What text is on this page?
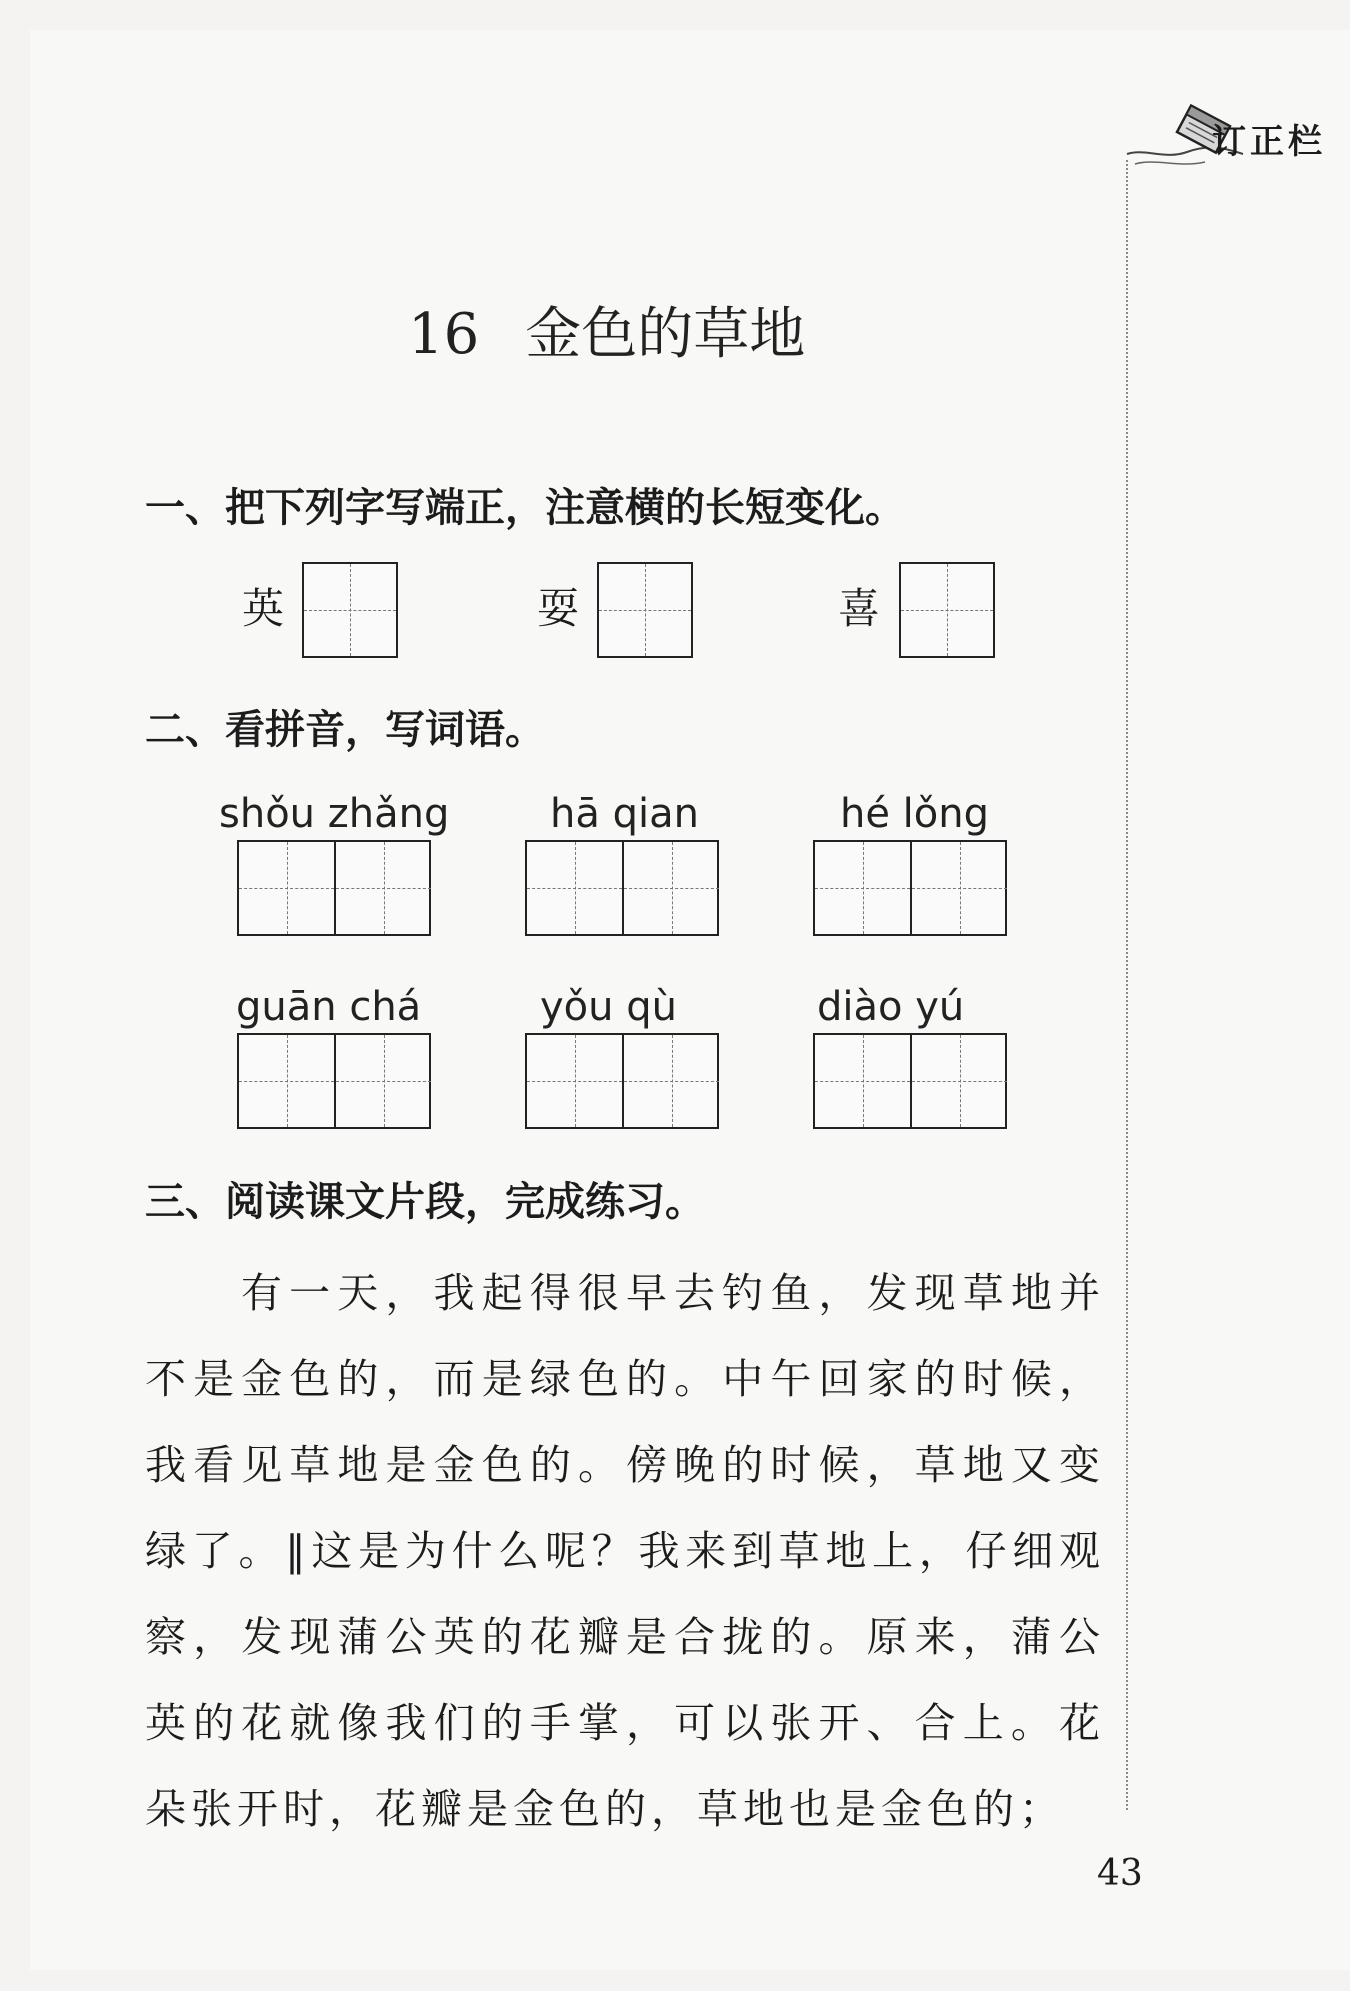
订正栏
16 金色的草地
一、把下列字写端正，注意横的长短变化。
英	耍	喜
二、看拼音，写词语。
shǒu zhǎng	hā qian	hé lǒng
guān chá	yǒu qù	diào yú
三、阅读课文片段，完成练习。

有一天，我起得很早去钓鱼，发现草地并不是金色的，而是绿色的。中午回家的时候，我看见草地是金色的。傍晚的时候，草地又变绿了。‖这是为什么呢？我来到草地上，仔细观察，发现蒲公英的花瓣是合拢的。原来，蒲公英的花就像我们的手掌，可以张开、合上。花朵张开时，花瓣是金色的，草地也是金色的；

43
